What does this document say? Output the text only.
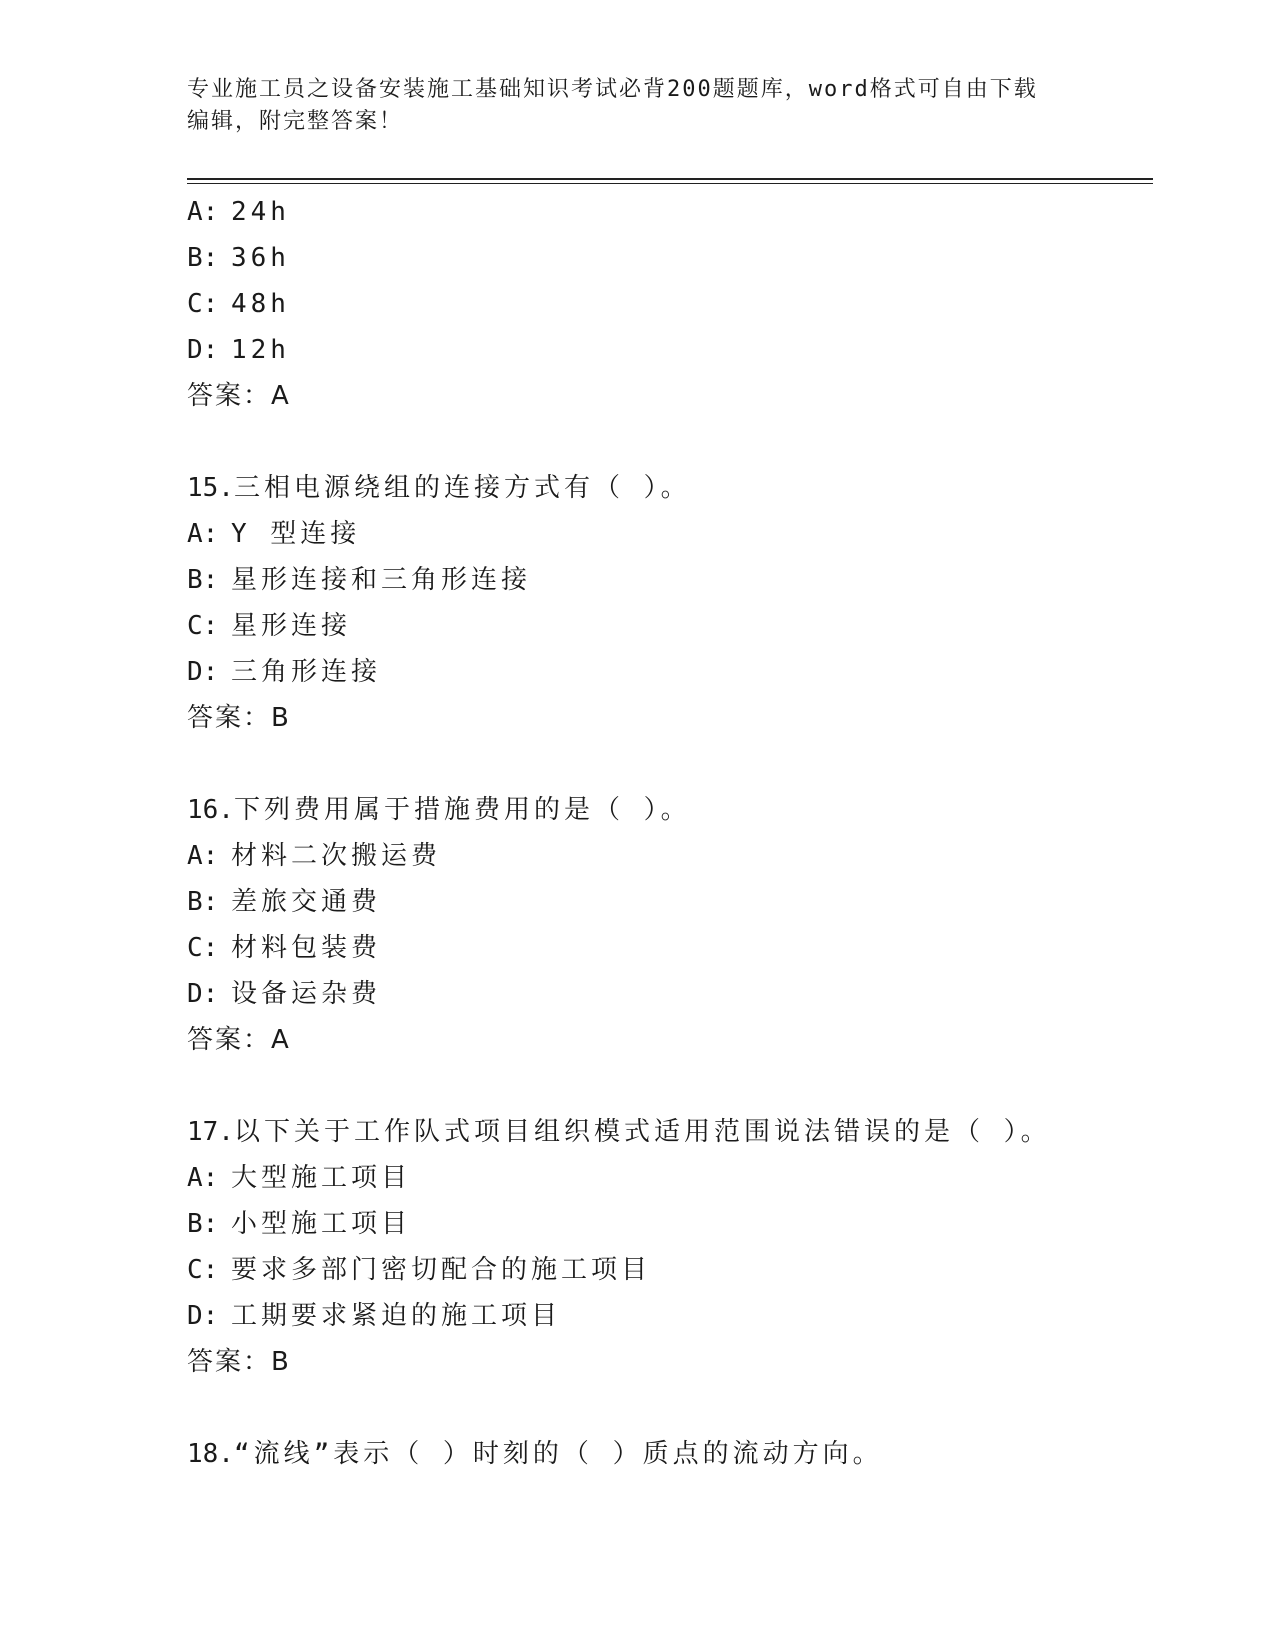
专业施工员之设备安装施工基础知识考试必背200题题库，word格式可自由下载
编辑，附完整答案！
A: 24h
B: 36h
C: 48h
D: 12h
答案：A
15.三相电源绕组的连接方式有（ ）。
A: Y 型连接
B: 星形连接和三角形连接
C: 星形连接
D: 三角形连接
答案：B
16.下列费用属于措施费用的是（ ）。
A: 材料二次搬运费
B: 差旅交通费
C: 材料包装费
D: 设备运杂费
答案：A
17.以下关于工作队式项目组织模式适用范围说法错误的是（ ）。
A: 大型施工项目
B: 小型施工项目
C: 要求多部门密切配合的施工项目
D: 工期要求紧迫的施工项目
答案：B
18.“流线”表示（ ）时刻的（ ）质点的流动方向。
